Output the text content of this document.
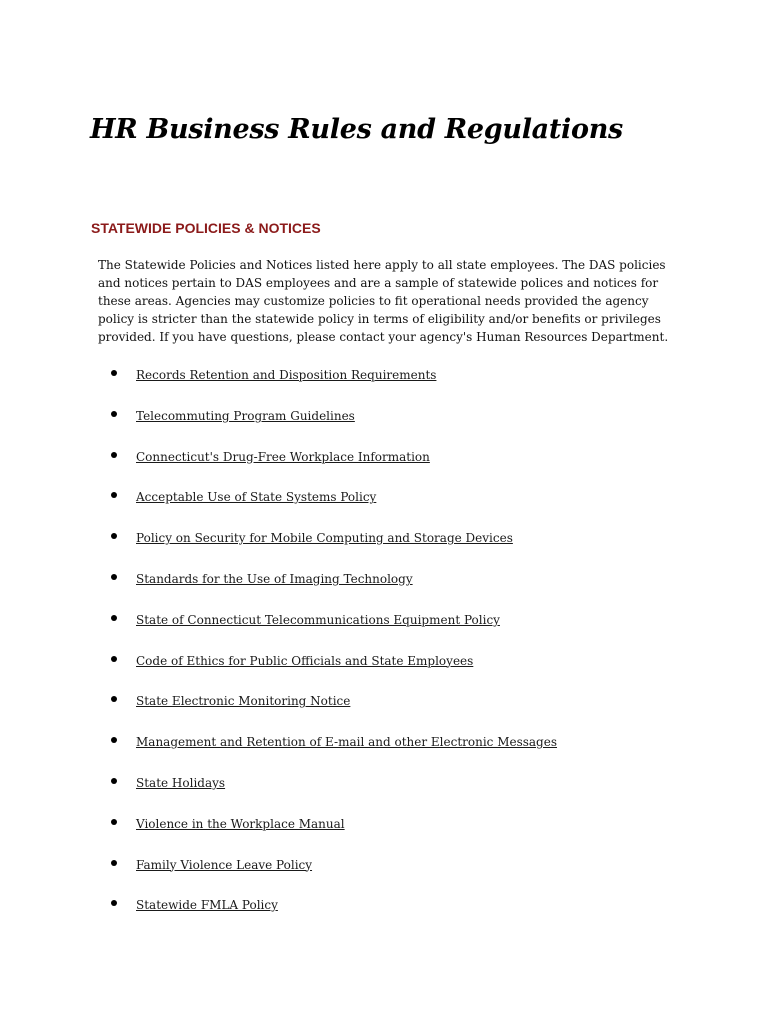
HR Business Rules and Regulations
STATEWIDE POLICIES & NOTICES

The Statewide Policies and Notices listed here apply to all state employees. The DAS policies and notices pertain to DAS employees and are a sample of statewide polices and notices for these areas. Agencies may customize policies to fit operational needs provided the agency policy is stricter than the statewide policy in terms of eligibility and/or benefits or privileges provided. If you have questions, please contact your agency's Human Resources Department.

Records Retention and Disposition Requirements
Telecommuting Program Guidelines
Connecticut's Drug-Free Workplace Information
Acceptable Use of State Systems Policy
Policy on Security for Mobile Computing and Storage Devices
Standards for the Use of Imaging Technology
State of Connecticut Telecommunications Equipment Policy
Code of Ethics for Public Officials and State Employees
State Electronic Monitoring Notice
Management and Retention of E-mail and other Electronic Messages
State Holidays
Violence in the Workplace Manual
Family Violence Leave Policy
Statewide FMLA Policy
